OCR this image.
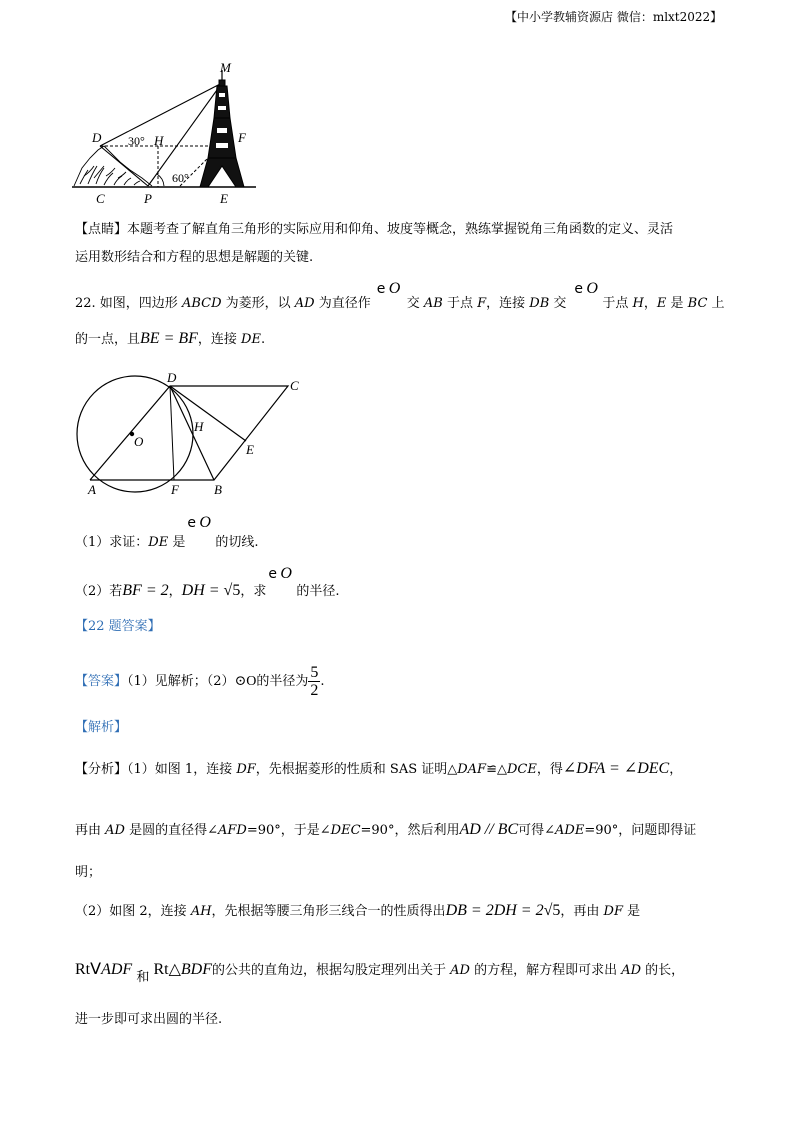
【中小学教辅资源店 微信：mlxt2022】
M
D 30° H	F
60°
C	P	E
【点睛】本题考查了解直角三角形的实际应用和仰角、坡度等概念，熟练掌握锐角三角函数的定义、灵活
运用数形结合和方程的思想是解题的关键.
22. 如图，四边形 ABCD 为菱形，以 AD 为直径作
e O
交 AB 于点 F，连接 DB 交
e O
于点 H，E 是 BC 上
的一点，且BE = BF，连接 DE.
D
C
O
H
E
A	F	B
（1）求证：DE 是
e O
的切线.
（2）若BF = 2，DH = √5，求
e O
的半径.
【22 题答案】
【答案】（1）见解析；（2）⊙O的半径为 $\frac{5}{2}$ .
【解析】
【分析】（1）如图 1，连接 DF，先根据菱形的性质和 SAS 证明△DAF≌△DCE，得∠DFA = ∠DEC，
再由 AD 是圆的直径得∠AFD=90°，于是∠DEC=90°，然后利用AD // BC可得∠ADE=90°，问题即得证
明；
（2）如图 2，连接 AH，先根据等腰三角形三线合一的性质得出DB = 2DH = 2√5，再由 DF 是
RtVADF 和 Rt△BDF的公共的直角边，根据勾股定理列出关于 AD 的方程，解方程即可求出 AD 的长，
进一步即可求出圆的半径.
